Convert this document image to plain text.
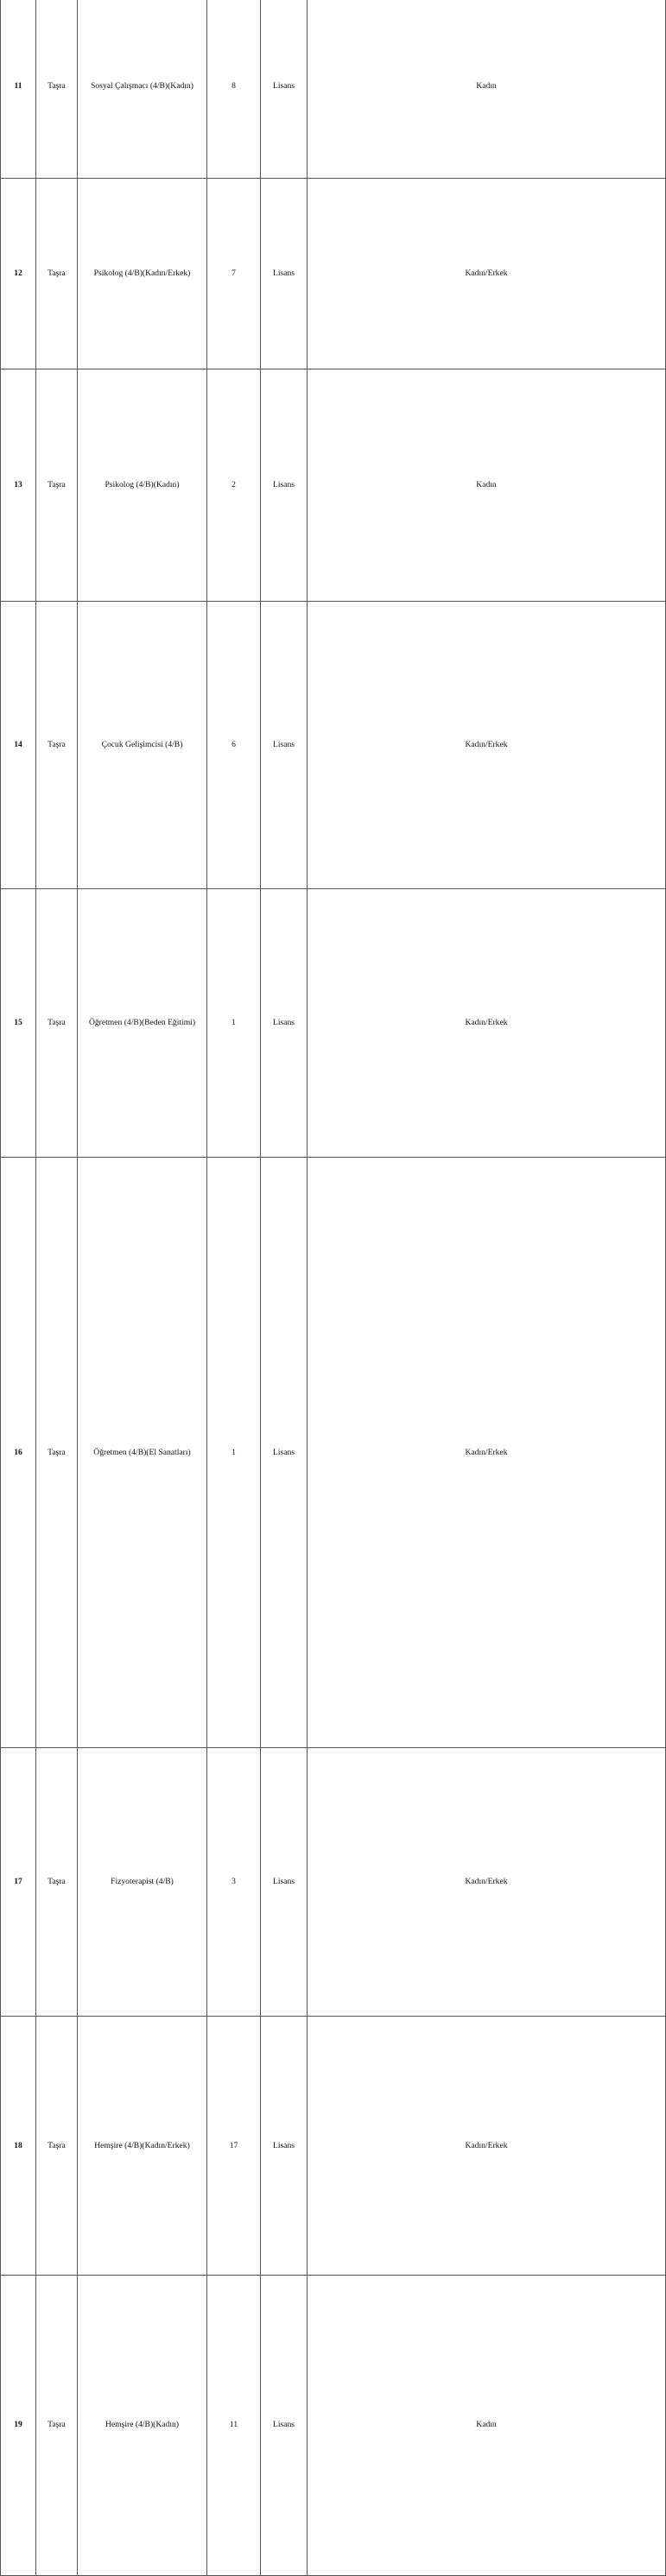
11	Taşra	Sosyal Çalışmacı (4/B)(Kadın)	8	Lisans	Kadın	

12	Taşra	Psikolog (4/B)(Kadın/Erkek)	7	Lisans	Kadın/Erkek	

13	Taşra	Psikolog (4/B)(Kadın)	2	Lisans	Kadın	

14	Taşra	Çocuk Gelişimcisi (4/B)	6	Lisans	Kadın/Erkek	

15	Taşra	Öğretmen (4/B)(Beden Eğitimi)	1	Lisans	Kadın/Erkek	

16	Taşra	Öğretmen (4/B)(El Sanatları)	1	Lisans	Kadın/Erkek	

17	Taşra	Fizyoterapist (4/B)	3	Lisans	Kadın/Erkek	

18	Taşra	Hemşire (4/B)(Kadın/Erkek)	17	Lisans	Kadın/Erkek	

19	Taşra	Hemşire (4/B)(Kadın)	11	Lisans	Kadın	
